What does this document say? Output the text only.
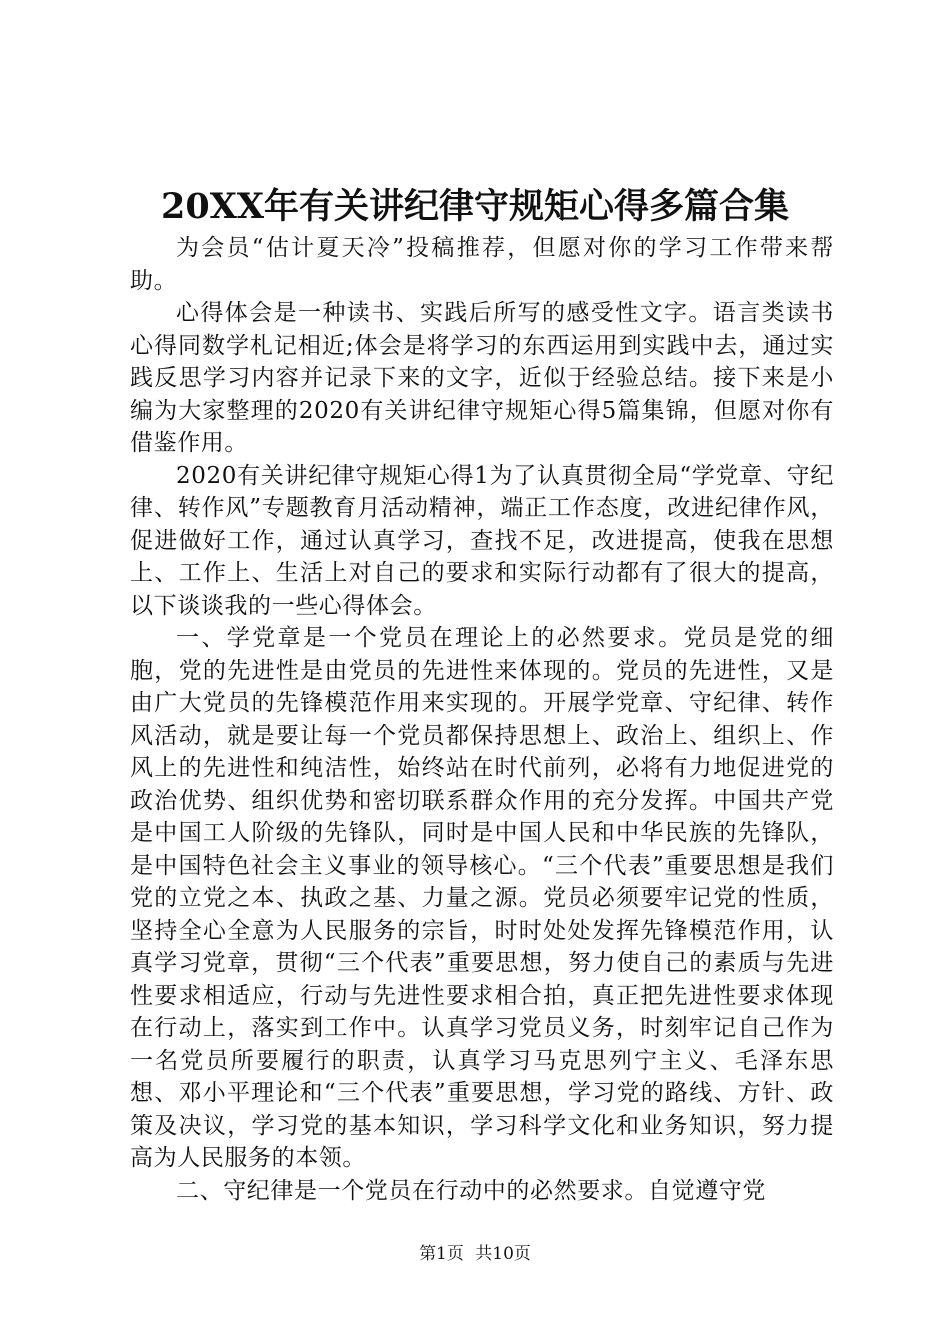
20XX年有关讲纪律守规矩心得多篇合集

为会员“估计夏天冷”投稿推荐，但愿对你的学习工作带来帮助。

心得体会是一种读书、实践后所写的感受性文字。语言类读书心得同数学札记相近;体会是将学习的东西运用到实践中去，通过实践反思学习内容并记录下来的文字，近似于经验总结。接下来是小编为大家整理的2020有关讲纪律守规矩心得5篇集锦，但愿对你有借鉴作用。

2020有关讲纪律守规矩心得1为了认真贯彻全局“学党章、守纪律、转作风”专题教育月活动精神，端正工作态度，改进纪律作风，促进做好工作，通过认真学习，查找不足，改进提高，使我在思想上、工作上、生活上对自己的要求和实际行动都有了很大的提高，以下谈谈我的一些心得体会。

一、学党章是一个党员在理论上的必然要求。党员是党的细胞，党的先进性是由党员的先进性来体现的。党员的先进性，又是由广大党员的先锋模范作用来实现的。开展学党章、守纪律、转作风活动，就是要让每一个党员都保持思想上、政治上、组织上、作风上的先进性和纯洁性，始终站在时代前列，必将有力地促进党的政治优势、组织优势和密切联系群众作用的充分发挥。中国共产党是中国工人阶级的先锋队，同时是中国人民和中华民族的先锋队，是中国特色社会主义事业的领导核心。“三个代表”重要思想是我们党的立党之本、执政之基、力量之源。党员必须要牢记党的性质，坚持全心全意为人民服务的宗旨，时时处处发挥先锋模范作用，认真学习党章，贯彻“三个代表”重要思想，努力使自己的素质与先进性要求相适应，行动与先进性要求相合拍，真正把先进性要求体现在行动上，落实到工作中。认真学习党员义务，时刻牢记自己作为一名党员所要履行的职责，认真学习马克思列宁主义、毛泽东思想、邓小平理论和“三个代表”重要思想，学习党的路线、方针、政策及决议，学习党的基本知识，学习科学文化和业务知识，努力提高为人民服务的本领。

二、守纪律是一个党员在行动中的必然要求。自觉遵守党

第1页 共10页
